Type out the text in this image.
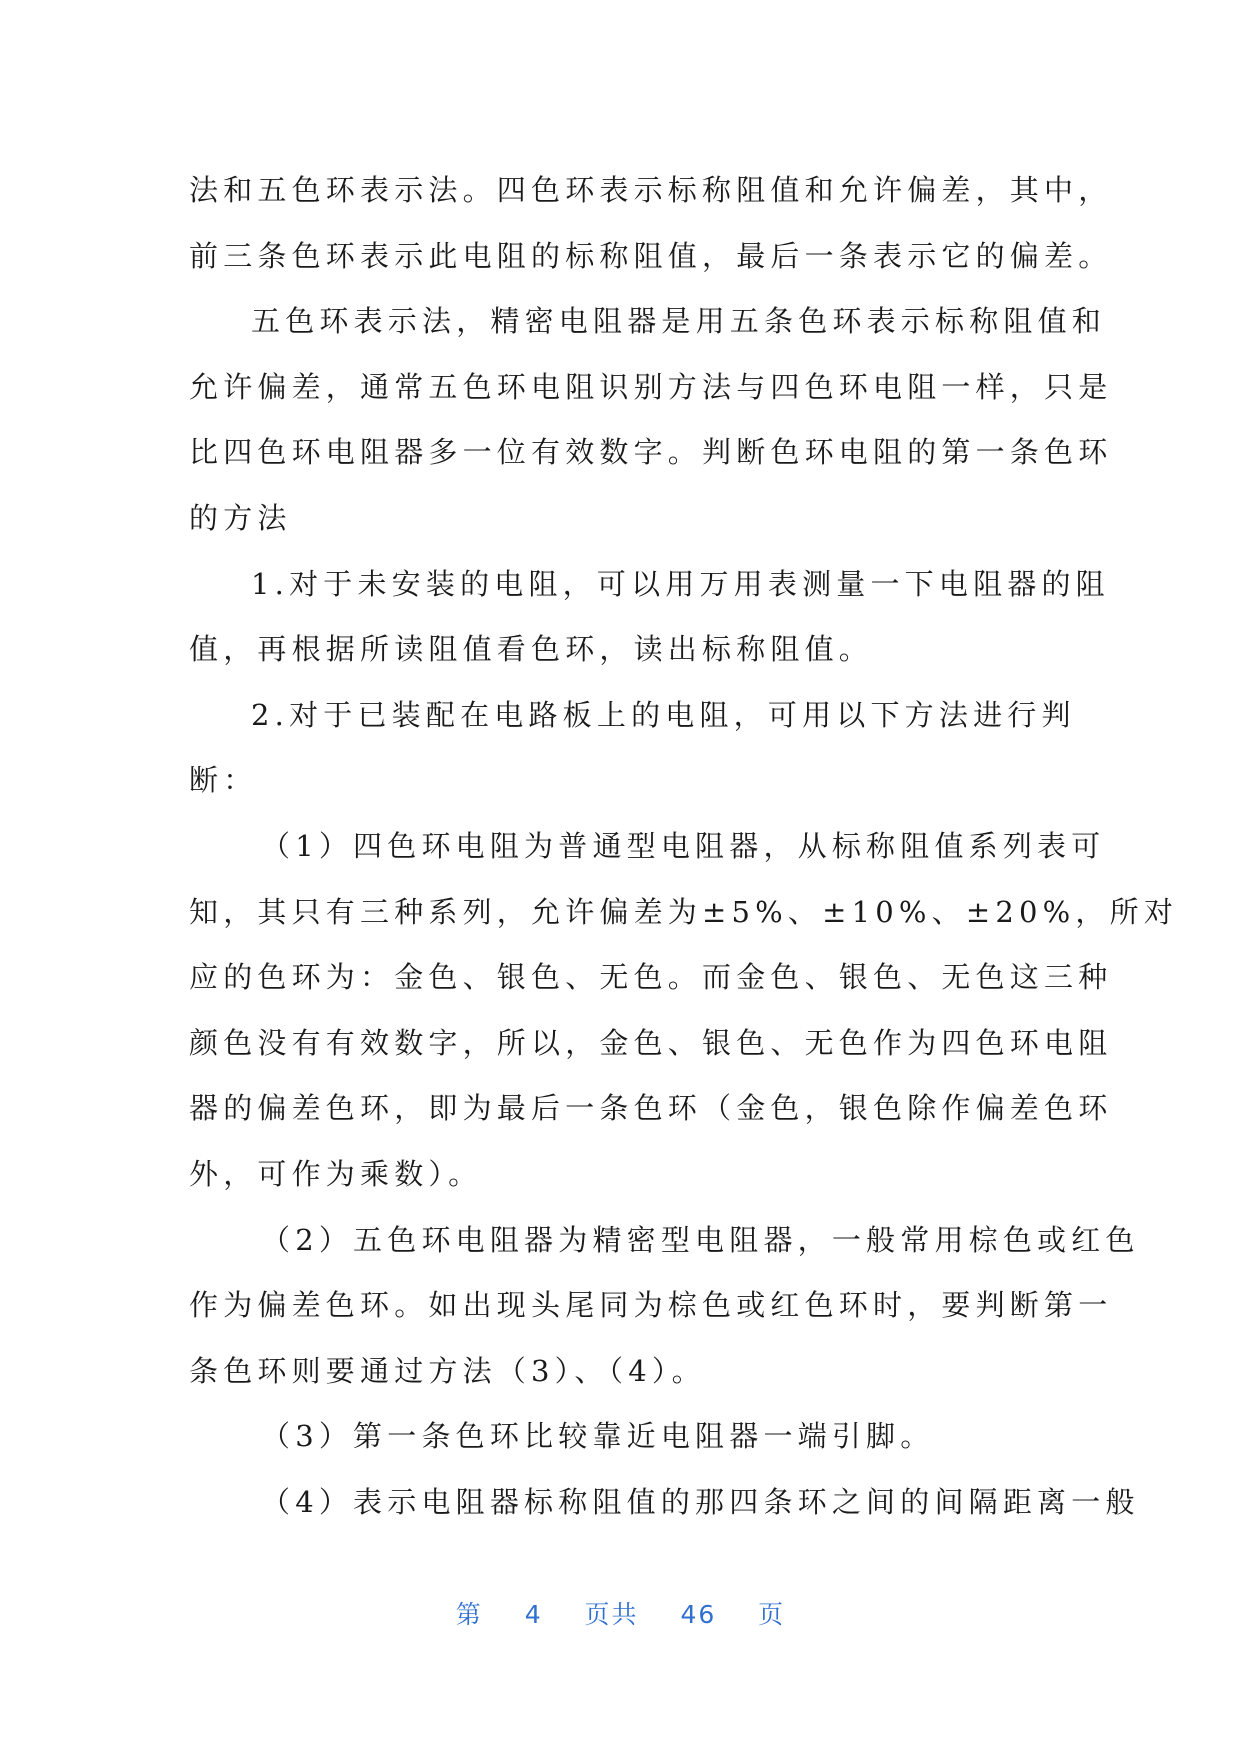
法和五色环表示法。四色环表示标称阻值和允许偏差，其中，
前三条色环表示此电阻的标称阻值，最后一条表示它的偏差。
五色环表示法，精密电阻器是用五条色环表示标称阻值和
允许偏差，通常五色环电阻识别方法与四色环电阻一样，只是
比四色环电阻器多一位有效数字。判断色环电阻的第一条色环
的方法
1.对于未安装的电阻，可以用万用表测量一下电阻器的阻
值，再根据所读阻值看色环，读出标称阻值。
2.对于已装配在电路板上的电阻，可用以下方法进行判
断：
（1）四色环电阻为普通型电阻器，从标称阻值系列表可
知，其只有三种系列，允许偏差为±5%、±10%、±20%，所对
应的色环为：金色、银色、无色。而金色、银色、无色这三种
颜色没有有效数字，所以，金色、银色、无色作为四色环电阻
器的偏差色环，即为最后一条色环（金色，银色除作偏差色环
外，可作为乘数）。
（2）五色环电阻器为精密型电阻器，一般常用棕色或红色
作为偏差色环。如出现头尾同为棕色或红色环时，要判断第一
条色环则要通过方法（3）、（4）。
（3）第一条色环比较靠近电阻器一端引脚。
（4）表示电阻器标称阻值的那四条环之间的间隔距离一般
第 4 页共 46 页
